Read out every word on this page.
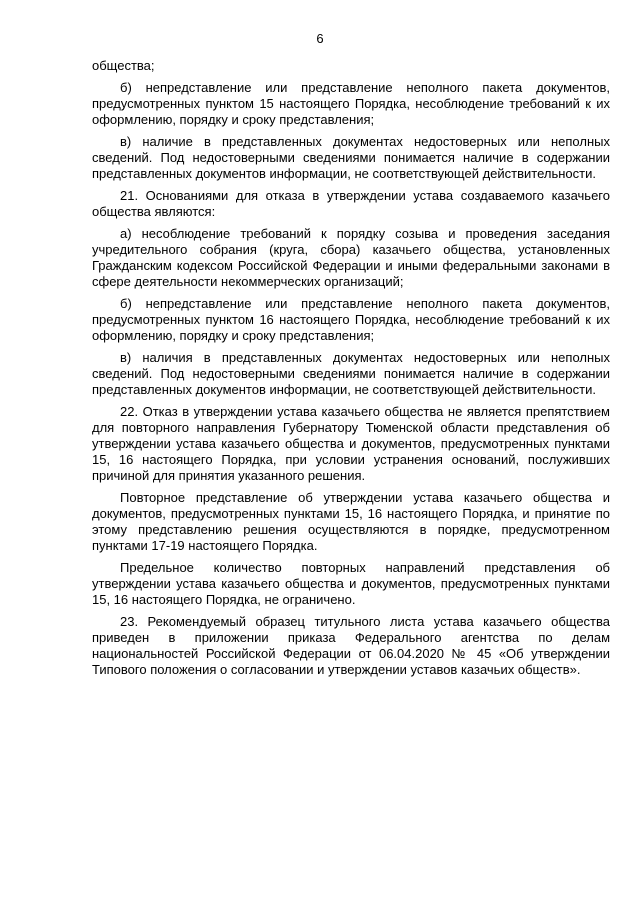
6

общества;

б) непредставление или представление неполного пакета документов, предусмотренных пунктом 15 настоящего Порядка, несоблюдение требований к их оформлению, порядку и сроку представления;

в) наличие в представленных документах недостоверных или неполных сведений. Под недостоверными сведениями понимается наличие в содержании представленных документов информации, не соответствующей действительности.

21. Основаниями для отказа в утверждении устава создаваемого казачьего общества являются:

а) несоблюдение требований к порядку созыва и проведения заседания учредительного собрания (круга, сбора) казачьего общества, установленных Гражданским кодексом Российской Федерации и иными федеральными законами в сфере деятельности некоммерческих организаций;

б) непредставление или представление неполного пакета документов, предусмотренных пунктом 16 настоящего Порядка, несоблюдение требований к их оформлению, порядку и сроку представления;

в) наличия в представленных документах недостоверных или неполных сведений. Под недостоверными сведениями понимается наличие в содержании представленных документов информации, не соответствующей действительности.

22. Отказ в утверждении устава казачьего общества не является препятствием для повторного направления Губернатору Тюменской области представления об утверждении устава казачьего общества и документов, предусмотренных пунктами 15, 16 настоящего Порядка, при условии устранения оснований, послуживших причиной для принятия указанного решения.

Повторное представление об утверждении устава казачьего общества и документов, предусмотренных пунктами 15, 16 настоящего Порядка, и принятие по этому представлению решения осуществляются в порядке, предусмотренном пунктами 17-19 настоящего Порядка.

Предельное количество повторных направлений представления об утверждении устава казачьего общества и документов, предусмотренных пунктами 15, 16 настоящего Порядка, не ограничено.

23. Рекомендуемый образец титульного листа устава казачьего общества приведен в приложении приказа Федерального агентства по делам национальностей Российской Федерации от 06.04.2020 № 45 «Об утверждении Типового положения о согласовании и утверждении уставов казачьих обществ».
